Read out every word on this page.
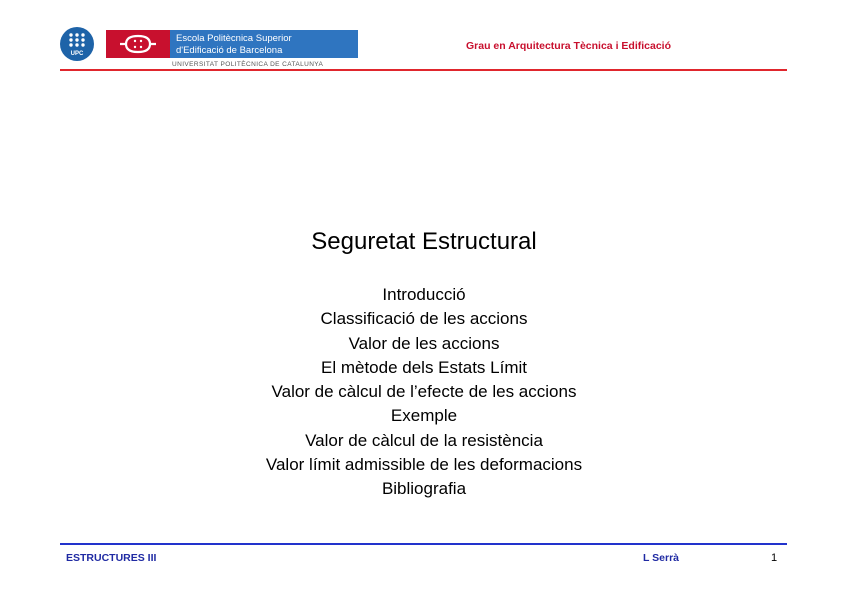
UPC
Escola Politècnica Superior
d'Edificació de Barcelona
UNIVERSITAT POLITÈCNICA DE CATALUNYA
Grau en Arquitectura Tècnica i Edificació
Seguretat Estructural
Introducció
Classificació de les accions
Valor de les accions
El mètode dels Estats Límit
Valor de càlcul de l’efecte de les accions
Exemple
Valor de càlcul de la resistència
Valor límit admissible de les deformacions
Bibliografia
ESTRUCTURES III	L Serrà	1
